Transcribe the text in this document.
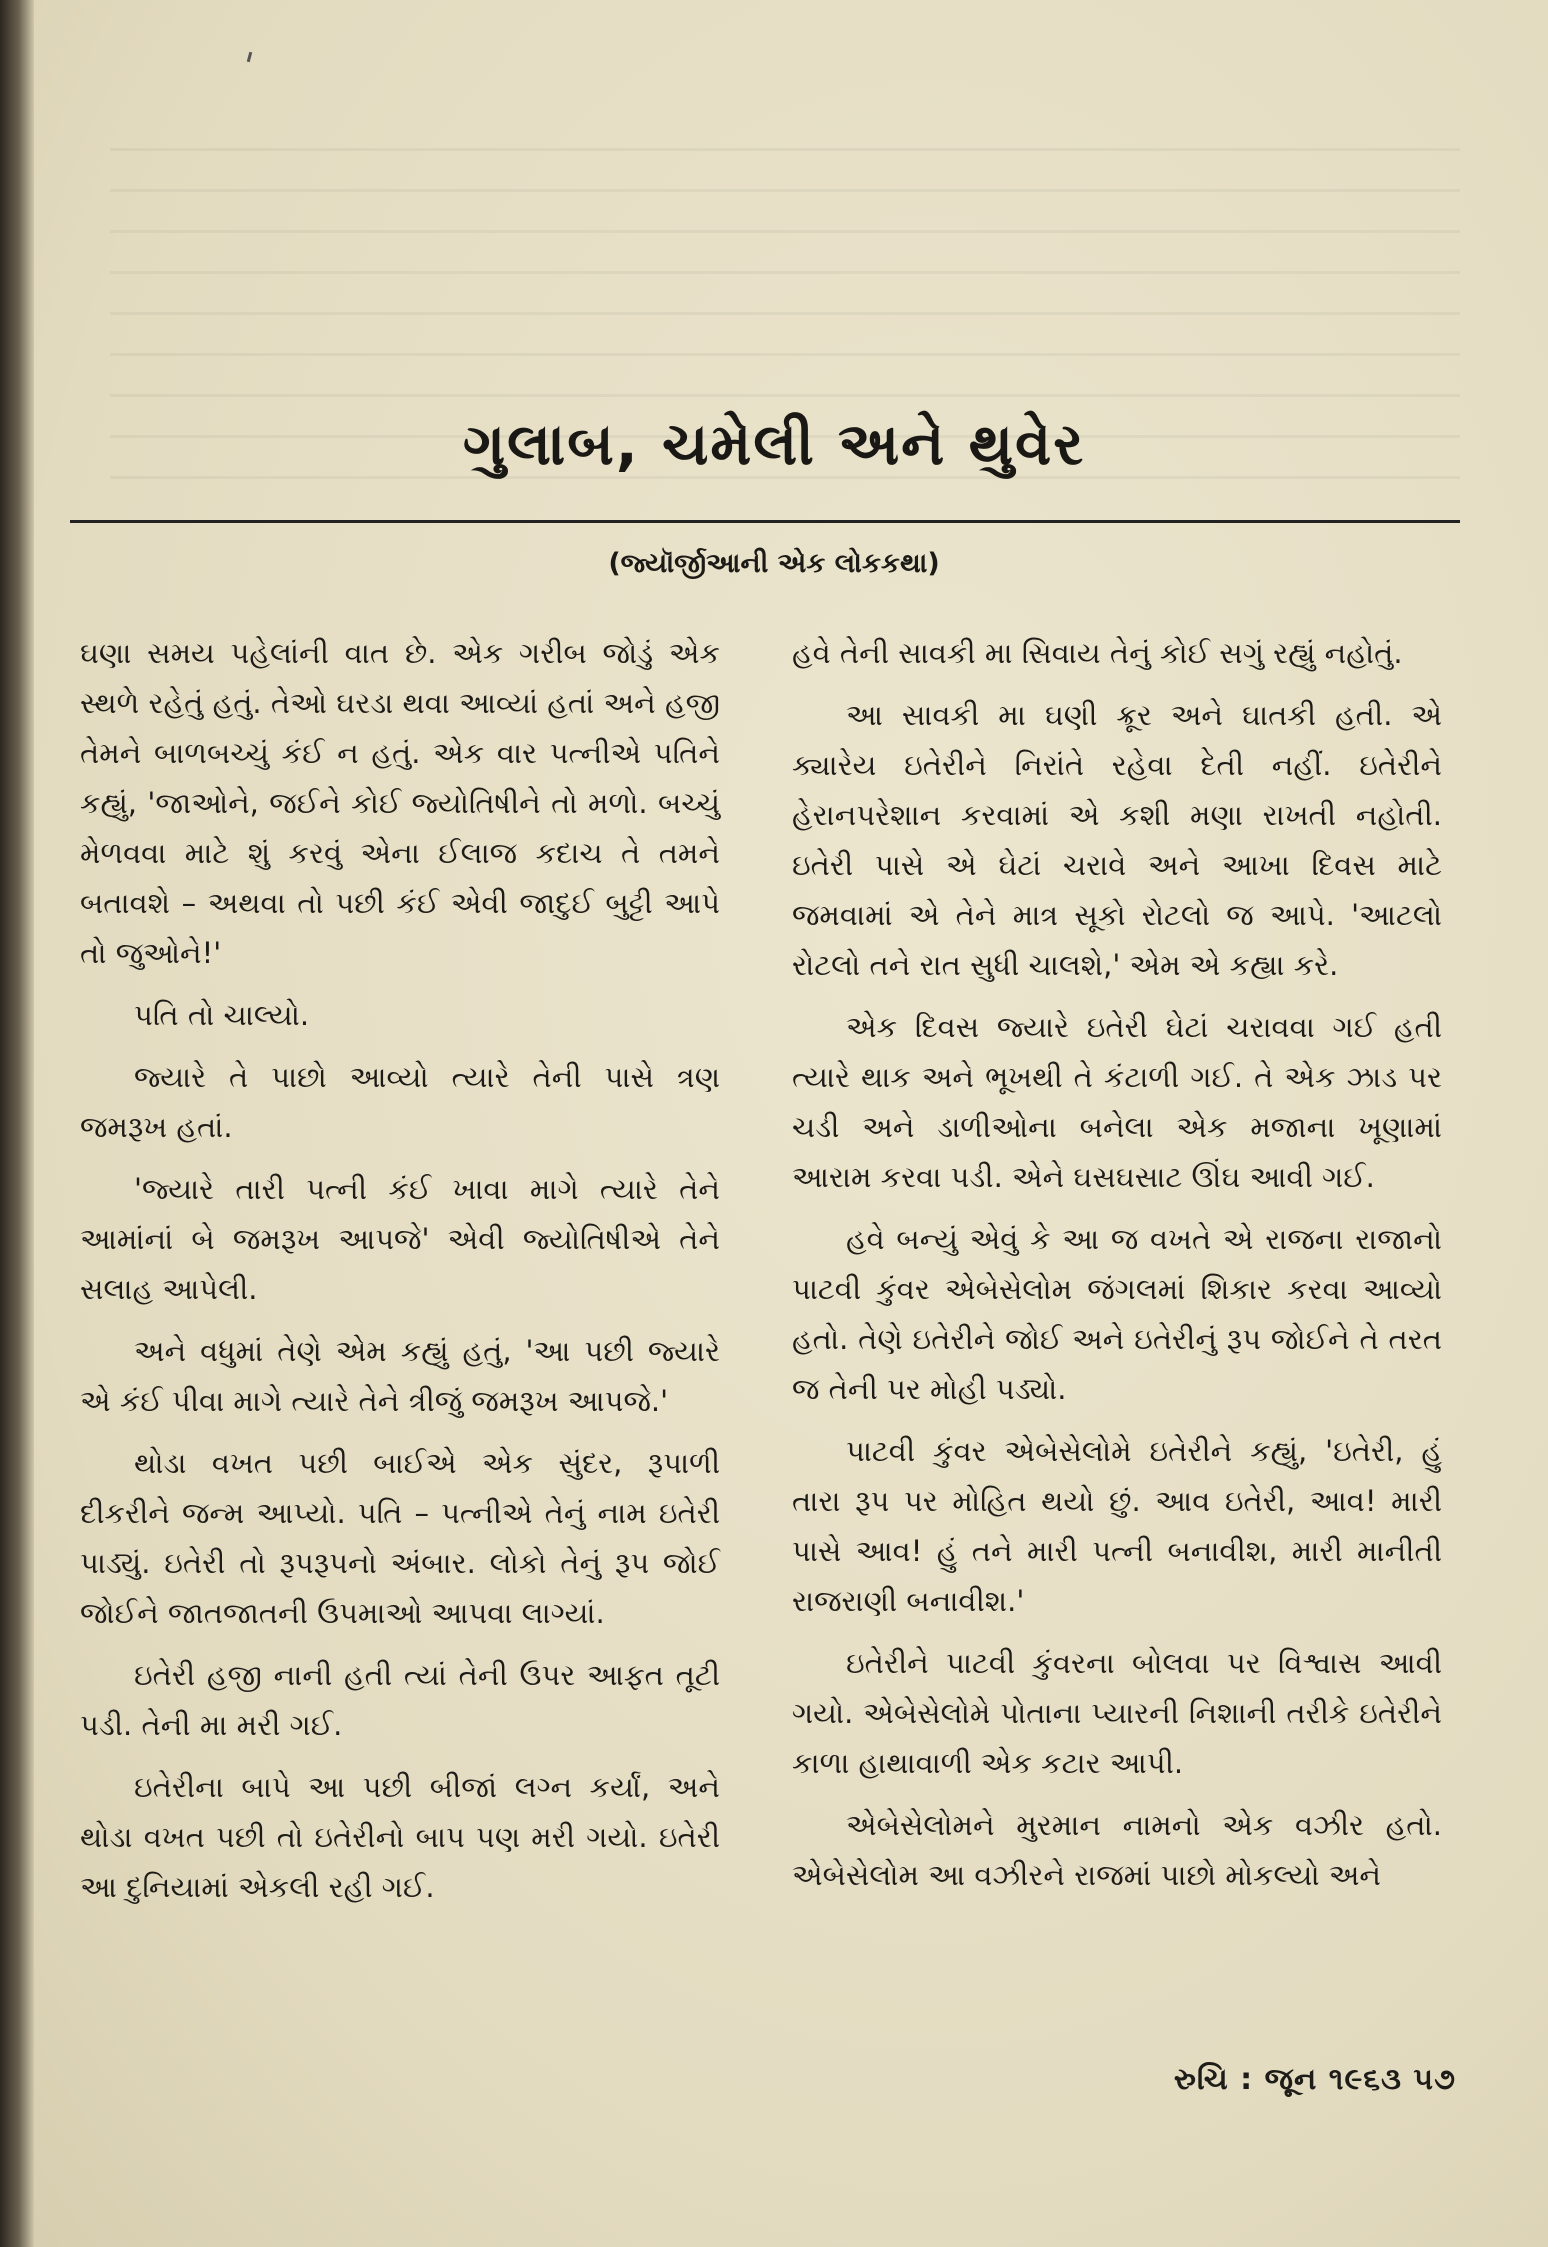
ગુલાબ, ચમેલી અને થુવેર
(જ્યૉર્જીઆની એક લોકકથા)

ઘણા સમય પહેલાંની વાત છે. એક ગરીબ જોડું એક સ્થળે રહેતું હતું. તેઓ ઘરડા થવા આવ્યાં હતાં અને હજી તેમને બાળબચ્ચું કંઈ ન હતું. એક વાર પત્નીએ પતિને કહ્યું, 'જાઓને, જઈને કોઈ જ્યોતિષીને તો મળો. બચ્ચું મેળવવા માટે શું કરવું એના ઈલાજ કદાચ તે તમને બતાવશે – અથવા તો પછી કંઈ એવી જાદુઈ બુટ્ટી આપે તો જુઓને!'

પતિ તો ચાલ્યો.

જ્યારે તે પાછો આવ્યો ત્યારે તેની પાસે ત્રણ જમરૂખ હતાં.

'જ્યારે તારી પત્ની કંઈ ખાવા માગે ત્યારે તેને આમાંનાં બે જમરૂખ આપજે' એવી જ્યોતિષીએ તેને સલાહ આપેલી.

અને વધુમાં તેણે એમ કહ્યું હતું, 'આ પછી જ્યારે એ કંઈ પીવા માગે ત્યારે તેને ત્રીજું જમરૂખ આપજે.'

થોડા વખત પછી બાઈએ એક સુંદર, રૂપાળી દીકરીને જન્મ આપ્યો. પતિ – પત્નીએ તેનું નામ ઇતેરી પાડ્યું. ઇતેરી તો રૂપરૂપનો અંબાર. લોકો તેનું રૂપ જોઈ જોઈને જાતજાતની ઉપમાઓ આપવા લાગ્યાં.

ઇતેરી હજી નાની હતી ત્યાં તેની ઉપર આફત તૂટી પડી. તેની મા મરી ગઈ.

ઇતેરીના બાપે આ પછી બીજાં લગ્ન કર્યાં, અને થોડા વખત પછી તો ઇતેરીનો બાપ પણ મરી ગયો. ઇતેરી આ દુનિયામાં એકલી રહી ગઈ.

હવે તેની સાવકી મા સિવાય તેનું કોઈ સગું રહ્યું નહોતું.

આ સાવકી મા ઘણી ક્રૂર અને ઘાતકી હતી. એ ક્યારેય ઇતેરીને નિરાંતે રહેવા દેતી નહીં. ઇતેરીને હેરાનપરેશાન કરવામાં એ કશી મણા રાખતી નહોતી. ઇતેરી પાસે એ ઘેટાં ચરાવે અને આખા દિવસ માટે જમવામાં એ તેને માત્ર સૂકો રોટલો જ આપે. 'આટલો રોટલો તને રાત સુધી ચાલશે,' એમ એ કહ્યા કરે.

એક દિવસ જ્યારે ઇતેરી ઘેટાં ચરાવવા ગઈ હતી ત્યારે થાક અને ભૂખથી તે કંટાળી ગઈ. તે એક ઝાડ પર ચડી અને ડાળીઓના બનેલા એક મજાના ખૂણામાં આરામ કરવા પડી. એને ઘસઘસાટ ઊંઘ આવી ગઈ.

હવે બન્યું એવું કે આ જ વખતે એ રાજના રાજાનો પાટવી કુંવર એબેસેલોમ જંગલમાં શિકાર કરવા આવ્યો હતો. તેણે ઇતેરીને જોઈ અને ઇતેરીનું રૂપ જોઈને તે તરત જ તેની પર મોહી પડ્યો.

પાટવી કુંવર એબેસેલોમે ઇતેરીને કહ્યું, 'ઇતેરી, હું તારા રૂપ પર મોહિત થયો છું. આવ ઇતેરી, આવ! મારી પાસે આવ! હું તને મારી પત્ની બનાવીશ, મારી માનીતી રાજરાણી બનાવીશ.'

ઇતેરીને પાટવી કુંવરના બોલવા પર વિશ્વાસ આવી ગયો. એબેસેલોમે પોતાના પ્યારની નિશાની તરીકે ઇતેરીને કાળા હાથાવાળી એક કટાર આપી.

એબેસેલોમને મુરમાન નામનો એક વઝીર હતો. એબેસેલોમ આ વઝીરને રાજમાં પાછો મોકલ્યો અને

રુચિ : જૂન ૧૯૬૩ ૫૭
